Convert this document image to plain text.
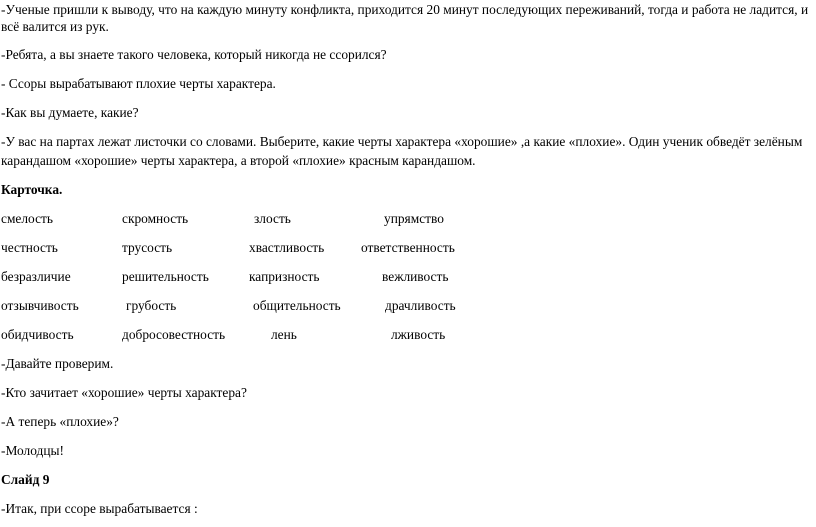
-Ученые пришли к выводу, что на каждую минуту конфликта, приходится 20 минут последующих переживаний, тогда и работа не ладится, и

всё валится из рук.

-Ребята, а вы знаете такого человека, который никогда не ссорился?

- Ссоры вырабатывают плохие черты характера.

-Как вы думаете, какие?

-У вас на партах лежат листочки со словами. Выберите, какие черты характера «хорошие» ,а какие «плохие». Один ученик обведёт зелёным

карандашом «хорошие» черты характера, а второй «плохие» красным карандашом.

Карточка.

смелость	скромность	злость	упрямство
честность	трусость	хвастливость	ответственность
безразличие	решительность	капризность	вежливость
отзывчивость	грубость	общительность	драчливость
обидчивость	добросовестность	лень	лживость

-Давайте проверим.

-Кто зачитает «хорошие» черты характера?

-А теперь «плохие»?

-Молодцы!

Слайд 9

-Итак, при ссоре вырабатывается :
